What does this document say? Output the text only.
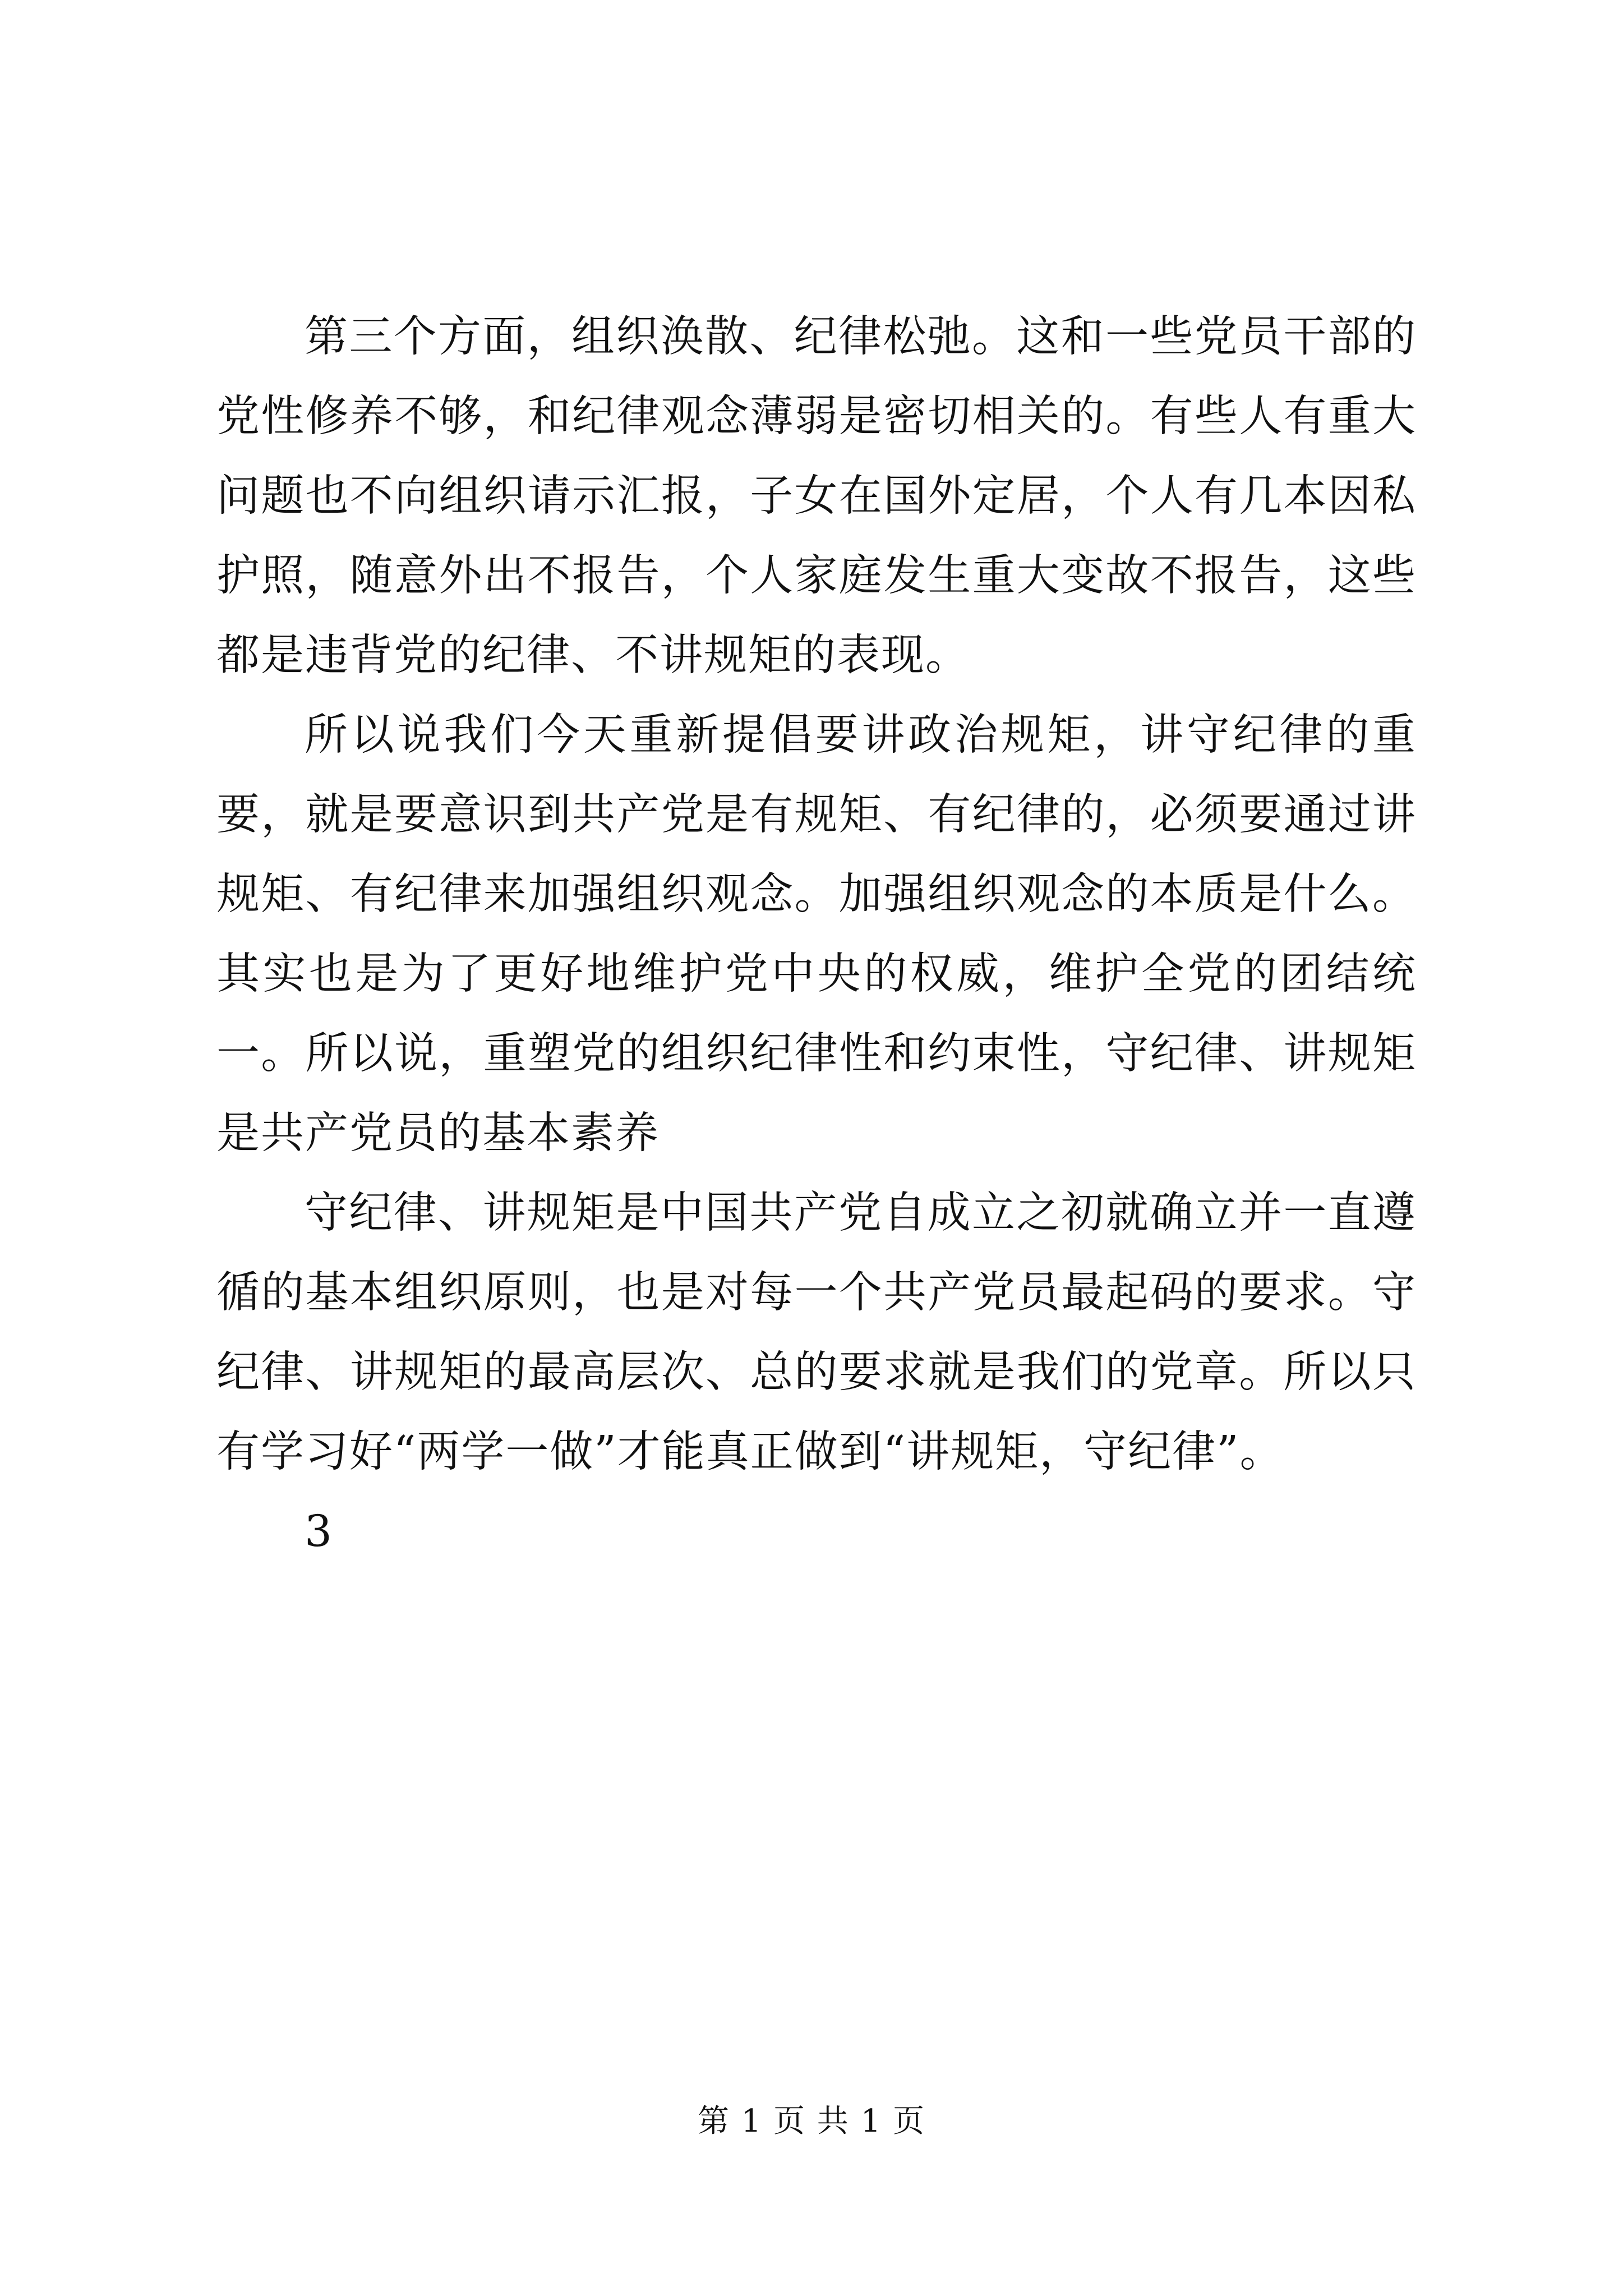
第三个方面，组织涣散、纪律松弛。这和一些党员干部的党性修养不够，和纪律观念薄弱是密切相关的。有些人有重大问题也不向组织请示汇报，子女在国外定居，个人有几本因私护照，随意外出不报告，个人家庭发生重大变故不报告，这些都是违背党的纪律、不讲规矩的表现。

所以说我们今天重新提倡要讲政治规矩，讲守纪律的重要，就是要意识到共产党是有规矩、有纪律的，必须要通过讲规矩、有纪律来加强组织观念。加强组织观念的本质是什么。其实也是为了更好地维护党中央的权威，维护全党的团结统一。所以说，重塑党的组织纪律性和约束性，守纪律、讲规矩是共产党员的基本素养

守纪律、讲规矩是中国共产党自成立之初就确立并一直遵循的基本组织原则，也是对每一个共产党员最起码的要求。守纪律、讲规矩的最高层次、总的要求就是我们的党章。所以只有学习好“两学一做”才能真正做到“讲规矩，守纪律”。

3

第 1 页 共 1 页
